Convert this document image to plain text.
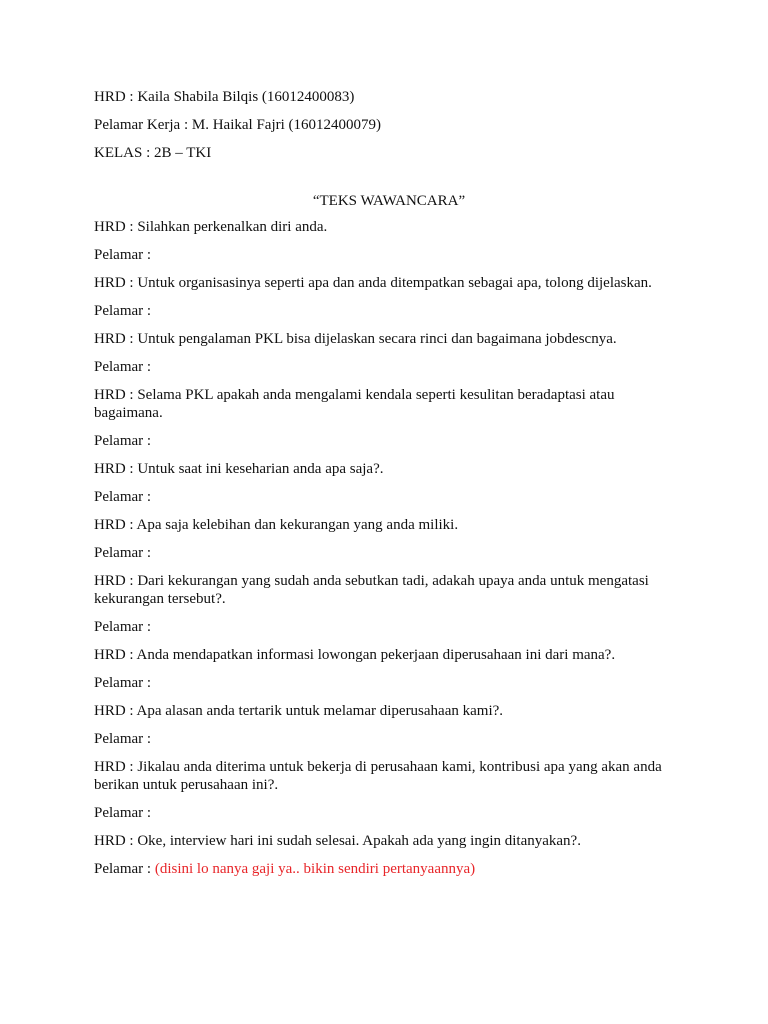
HRD : Kaila Shabila Bilqis (16012400083)

Pelamar Kerja : M. Haikal Fajri (16012400079)

KELAS : 2B – TKI

“TEKS WAWANCARA”

HRD : Silahkan perkenalkan diri anda.

Pelamar :

HRD : Untuk organisasinya seperti apa dan anda ditempatkan sebagai apa, tolong dijelaskan.

Pelamar :

HRD : Untuk pengalaman PKL bisa dijelaskan secara rinci dan bagaimana jobdescnya.

Pelamar :

HRD : Selama PKL apakah anda mengalami kendala seperti kesulitan beradaptasi atau bagaimana.

Pelamar :

HRD : Untuk saat ini keseharian anda apa saja?.

Pelamar :

HRD : Apa saja kelebihan dan kekurangan yang anda miliki.

Pelamar :

HRD : Dari kekurangan yang sudah anda sebutkan tadi, adakah upaya anda untuk mengatasi kekurangan tersebut?.

Pelamar :

HRD : Anda mendapatkan informasi lowongan pekerjaan diperusahaan ini dari mana?.

Pelamar :

HRD : Apa alasan anda tertarik untuk melamar diperusahaan kami?.

Pelamar :

HRD : Jikalau anda diterima untuk bekerja di perusahaan kami, kontribusi apa yang akan anda berikan untuk perusahaan ini?.

Pelamar :

HRD : Oke, interview hari ini sudah selesai. Apakah ada yang ingin ditanyakan?.

Pelamar : (disini lo nanya gaji ya.. bikin sendiri pertanyaannya)
